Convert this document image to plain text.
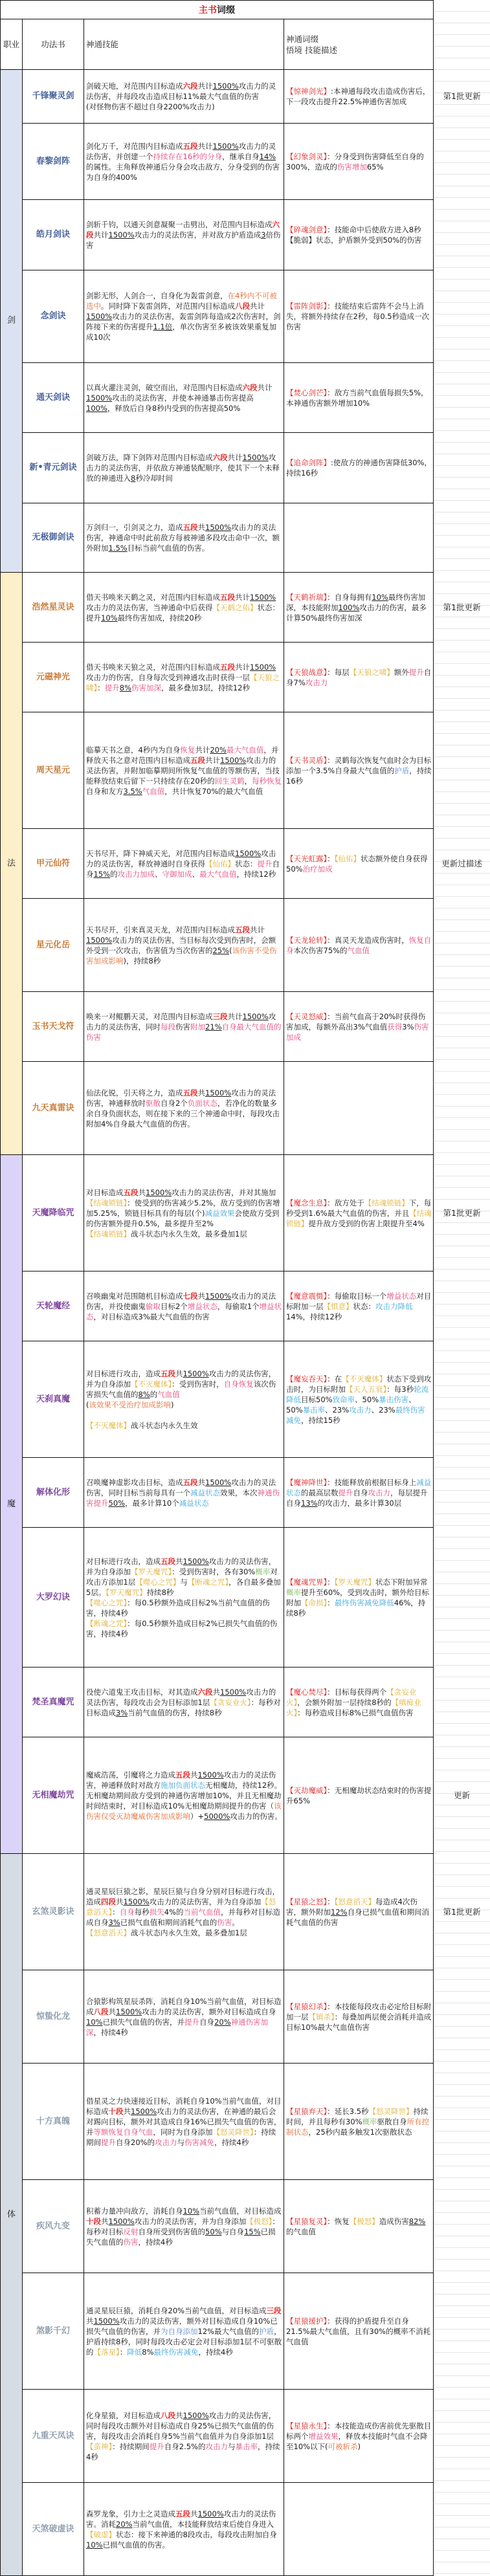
主书 词缀
职业	功法书	神通技能
神通词缀
悟境 技能描述
剑
法
魔
体
千锋聚灵剑
剑破天地，对范围内目标造成六段共计1500%攻击力的灵法伤害，并每段攻击造成目标11%最大气血值的伤害
(对怪物伤害不超过自身2200%攻击力)
【惊神剑光】:本神通每段攻击造成伤害后，下一段攻击提升22.5%神通伤害加成
第1批更新
春黎剑阵
剑化万千，对范围内目标造成五段共计1500%攻击力的灵法伤害，并创建一个持续存在16秒的分身，继承自身14%的属性。主角释放神通后分身会攻击敌方，分身受到的伤害为自身的400%
【幻象剑灵】：分身受到伤害降低至自身的300%，造成的伤害增加65%
皓月剑诀
剑斩千钧，以通天剑意凝聚一击劈出，对范围内目标造成六段共计1500%攻击力的灵法伤害，并对敌方护盾造成3倍伤害
【碎魂剑意】：技能命中后使敌方进入8秒【脆弱】状态，护盾额外受到50%的伤害
念剑诀
剑影无形，人剑合一，自身化为轰雷剑意，在4秒内不可被选中。同时降下轰雷剑阵，对范围内目标造成八段共计1500%攻击力的灵法伤害，轰雷剑阵每造成2次伤害时，剑阵接下来的伤害提升1.1倍，单次伤害至多被该效果重复加成10次
【雷阵剑影】：技能结束后雷阵不会马上消失，将额外持续存在2秒，每0.5秒造成一次伤害
通天剑诀
以真火灌注灵剑，破空而出，对范围内目标造成六段共计1500%攻击的灵法伤害，并使本神通暴击伤害提高100%，释放后自身8秒内受到的伤害提高50%
【焚心剑芒】：敌方当前气血值每损失5%，本神通伤害额外增加10%
新•青元剑诀
剑破万法，降下剑阵对范围内目标造成六段共计1500%攻击力的灵法伤害，并依敌方神通装配顺序，使其下一个未释放的神通进入8秒冷却时间
【追命剑阵】:使敌方的神通伤害降低30%，持续16秒
无极御剑诀
万剑归一，引剑灵之力，造成五段共1500%攻击力的灵法伤害，神通命中时此前敌方每被神通多段攻击命中一次，额外附加1.5%目标当前气血值的伤害。
浩然星灵诀
借天书唤来天鹤之灵，对范围内目标造成五段共计1500%攻击力的灵法伤害，当神通命中后获得【天鹤之佑】状态：提升10%最终伤害加成，持续20秒
【天鹤祈瑞】：自身每拥有10%最终伤害加深，本技能附加100%攻击力的伤害，最多计算50%最终伤害加深
第1批更新
元磁神光
借天书唤来天狼之灵，对范围内目标造成五段共计1500%攻击力的伤害，自身每次受到神通攻击时获得一层【天狼之啸】：提升8%伤害加深，最多叠加3层，持续12秒
【天狼战意】：每层【天狼之啸】额外提升自身7%攻击力
周天星元
临摹天书之意，4秒内为自身恢复共计20%最大气血值，并释放天书之意对范围内目标造成五段共计1500%攻击力的灵法伤害，并附加临摹期间所恢复气血值的等额伤害，当技能释放结束后留下一只持续存在20秒的回生灵鹤，每秒恢复自身和友方3.5%气血值，共计恢复70%的最大气血值
【天书灵盾】：灵鹤每次恢复气血时会为目标添加一个3.5%自身最大气血值的护盾，持续16秒
甲元仙符
天书尽开，降下神威天光，对范围内目标造成1500%攻击力的灵法伤害，释放神通时自身获得【仙佑】状态：提升自身15%的攻击力加成、守御加成、最大气血值，持续12秒
【天光虹露】：【仙佑】状态额外使自身获得50%治疗加成
更新过描述
星元化岳
天书尽开，引来真灵天龙，对范围内目标造成五段共计1500%攻击力的灵法伤害，当目标每次受到伤害时，会额外受到一次攻击，伤害值为当次伤害的25%(该伤害不受伤害加成影响)，持续8秒
【天龙轮转】：真灵天龙造成伤害时，恢复自身本次伤害75%的气血值
玉书天戈符
唤来一对鲲鹏天灵，对范围内目标造成三段共计1500%攻击力的灵法伤害，同时每段伤害附加21%自身最大气血值的伤害
【天灵怒威】：当前气血高于20%时获得伤害加成，每额外高出3%气血值获得3%伤害加成
九天真雷诀
仙法化锐，引天将之力，造成五段共1500%攻击力的灵法伤害，神通释放时驱散自身2个负面状态，若净化的数量多余自身负面状态，则在接下来的三个神通命中时，每段攻击附加4%自身最大气血值的伤害。
天魔降临咒
对目标造成五段共1500%攻击力的灵法伤害，并对其施加【结魂锁链】：使受到的伤害减少5.2%，敌方受到的伤害增加5.25%，锁链目标具有的每层(个)减益效果会使敌方受到的伤害额外提升0.5%，最多提升至2%
【结魂锁链】战斗状态内永久生效，最多叠加1层
【魔念生息】：敌方处于【结魂锁链】下，每秒受到1.6%最大气血值的伤害，并且【结魂锁链】提升敌方受到的伤害上限提升至4%
第1批更新
天轮魔经
召唤幽鬼对范围随机目标造成七段共1500%攻击力的灵法伤害，并役使幽鬼偷取目标2个增益状态，每偷取1个增益状态，对目标造成3%最大气血值的伤害
【魔意震慑】：每偷取目标一个增益状态对目标附加一层【惧意】状态：攻击力降低14%，持续12秒
天刹真魔
对目标进行攻击，造成五段共1500%攻击力的灵法伤害，并为自身添加【不灭魔体】：受到伤害时，自身恢复该次伤害损失气血值的8%的气血值
(该效果不受治疗加成影响)

【不灭魔体】战斗状态内永久生效
【魔妄吞天】：在【不灭魔体】状态下受到攻击时，为目标附加【天人五衰】：每3秒轮流降低目标50%致命率、50%暴击伤害、50%暴击率、23%攻击力、23%最终伤害减免，持续15秒
解体化形
召唤魔神虚影攻击目标，造成五段共1500%攻击力的灵法伤害，同时目标当前每具有一个减益状态效果，本次神通伤害提升50%，最多计算10个减益状态
【魔神降世】：技能释放前根据目标身上减益状态的最高层数提升自身攻击力，每层提升自身13%的攻击力，最多计算30层
大罗幻诀
对目标进行攻击，造成五段共1500%攻击力的灵法伤害，并为自身添加【罗天魔咒】：受到伤害时，各有30%概率对攻击方添加1层【噬心之咒】与【断魂之咒】，各自最多叠加5层。【罗天魔咒】持续8秒
【噬心之咒】：每0.5秒额外造成目标2%当前气血值的伤害，持续4秒
【断魂之咒】：每0.5秒额外造成目标2%已损失气血值的伤害，持续4秒
【魔魂咒界】：【罗天魔咒】状态下附加异常概率提升至60%，受到攻击时，额外给目标附加【命损】：最终伤害减免降低46%，持续8秒
梵圣真魔咒
役使六道鬼王攻击目标，对其造成六段共1500%攻击力的灵法伤害，每段攻击会为目标添加1层【贪妄业火】：每秒对目标造成3%当前气血值的伤害，持续8秒
【魔心焚尽】：目标每获得两个【贪妄业火】，会额外附加一层持续8秒的【嗔痴业火】：每秒造成目标8%已损气血值伤害
无相魔劫咒
魔威浩荡，引魔将之力造成五段共1500%攻击力的灵法伤害，神通释放时对敌方施加负面状态无相魔劫，持续12秒。无相魔劫期间敌方受到的神通伤害增加10%，并且无相魔劫时间结束时，对目标造成10%无相魔劫期间提升的伤害（该伤害仅受灭劫魔威伤害加成影响）+5000%攻击力的伤害。
【灭劫魔威】：无相魔劫状态结束时的伤害提升65%
更新
玄煞灵影诀
通灵星辰巨猿之影，星辰巨猿与自身分别对目标进行攻击，造成四段共1500%攻击力的灵法伤害，并为自身添加【怒意滔天】：自身每秒损失4%的当前气血值，并每秒对目标造成自身3%已损气血值和期间消耗气血的伤害。
【怒意滔天】战斗状态内永久生效，最多叠加1层
【星猿之怒】：【怒意滔天】每造成4次伤害，额外附加12%自身已损气血值和期间消耗气血值的伤害
第1批更新
惊蛰化龙
合猿影构筑星辰杀阵，消耗自身10%当前气血值，对目标造成八段共1500%攻击力的灵法伤害，额外对目标造成自身10%已损失气血值的伤害，并提升自身20%神通伤害加深，持续4秒
【星猿幻杀】：本技能每段攻击必定给目标附加一层【镇杀】：每叠加两层便会消耗并造成目标10%最大气血值伤害
十方真魄
借星灵之力快速接近目标，消耗自身10%当前气血值，对目标造成十段共1500%攻击力的灵法伤害，在神通的最后会对踢向目标，额外对其造成自身16%已损失气血值的伤害，并等额恢复自身气血，同时为自身添加【怒灵降世】：持续期间提升自身20%的攻击力与伤害减免，持续4秒
【星猿弃天】：延长3.5秒【怒灵降世】持续时间，并且每秒有30%概率驱散自身所有控制状态，25秒内最多触发1次驱散状态
疾风九变
积蓄力量冲向敌方，消耗自身10%当前气血值，对目标造成十段共1500%攻击力的灵法伤害，并为自身添加【极怒】：每秒对目标反射自身所受到伤害值的50%与自身15%已损失气血值的伤害，持续4秒
【星猿复灵】：恢复【极怒】造成伤害82%的气血值
煞影千幻
通灵星辰巨猿，消耗自身20%当前气血值，对目标造成三段共1500%攻击力的灵法伤害，额外对目标造成自身10%已损失气血值的伤害，并为自身添加12%最大气血值的护盾，护盾持续8秒，同时每段攻击必定会对目标添加1层不可驱散的【落星】：降低8%最终伤害减免，持续4秒
【星猿援护】：获得的护盾提升至自身21.5%最大气血值，且有30%的概率不消耗气血值
九重天凤诀
化身星猿，对目标造成八段共1500%攻击力的灵法伤害，同时每段攻击额外对目标造成自身25%已损失气血值的伤害，每段攻击会消耗自身5%当前气血值并为自身添加1层【蛮神】：持续期间提升自身2.5%的攻击力与暴击率，持续4秒
【星猿永生】：本技能造成伤害前优先驱散目标两个增益效果，释放本技能时气血不会降至10%以下(可被斩杀)
天煞破虚诀
森罗龙象，引力士之灵造成五段共1500%攻击力的灵法伤害。消耗20%当前气血值，本技能释放结束后使自身进入【破虚】状态：接下来神通的8段攻击，每段攻击附加自身10%已损气血值的伤害。
